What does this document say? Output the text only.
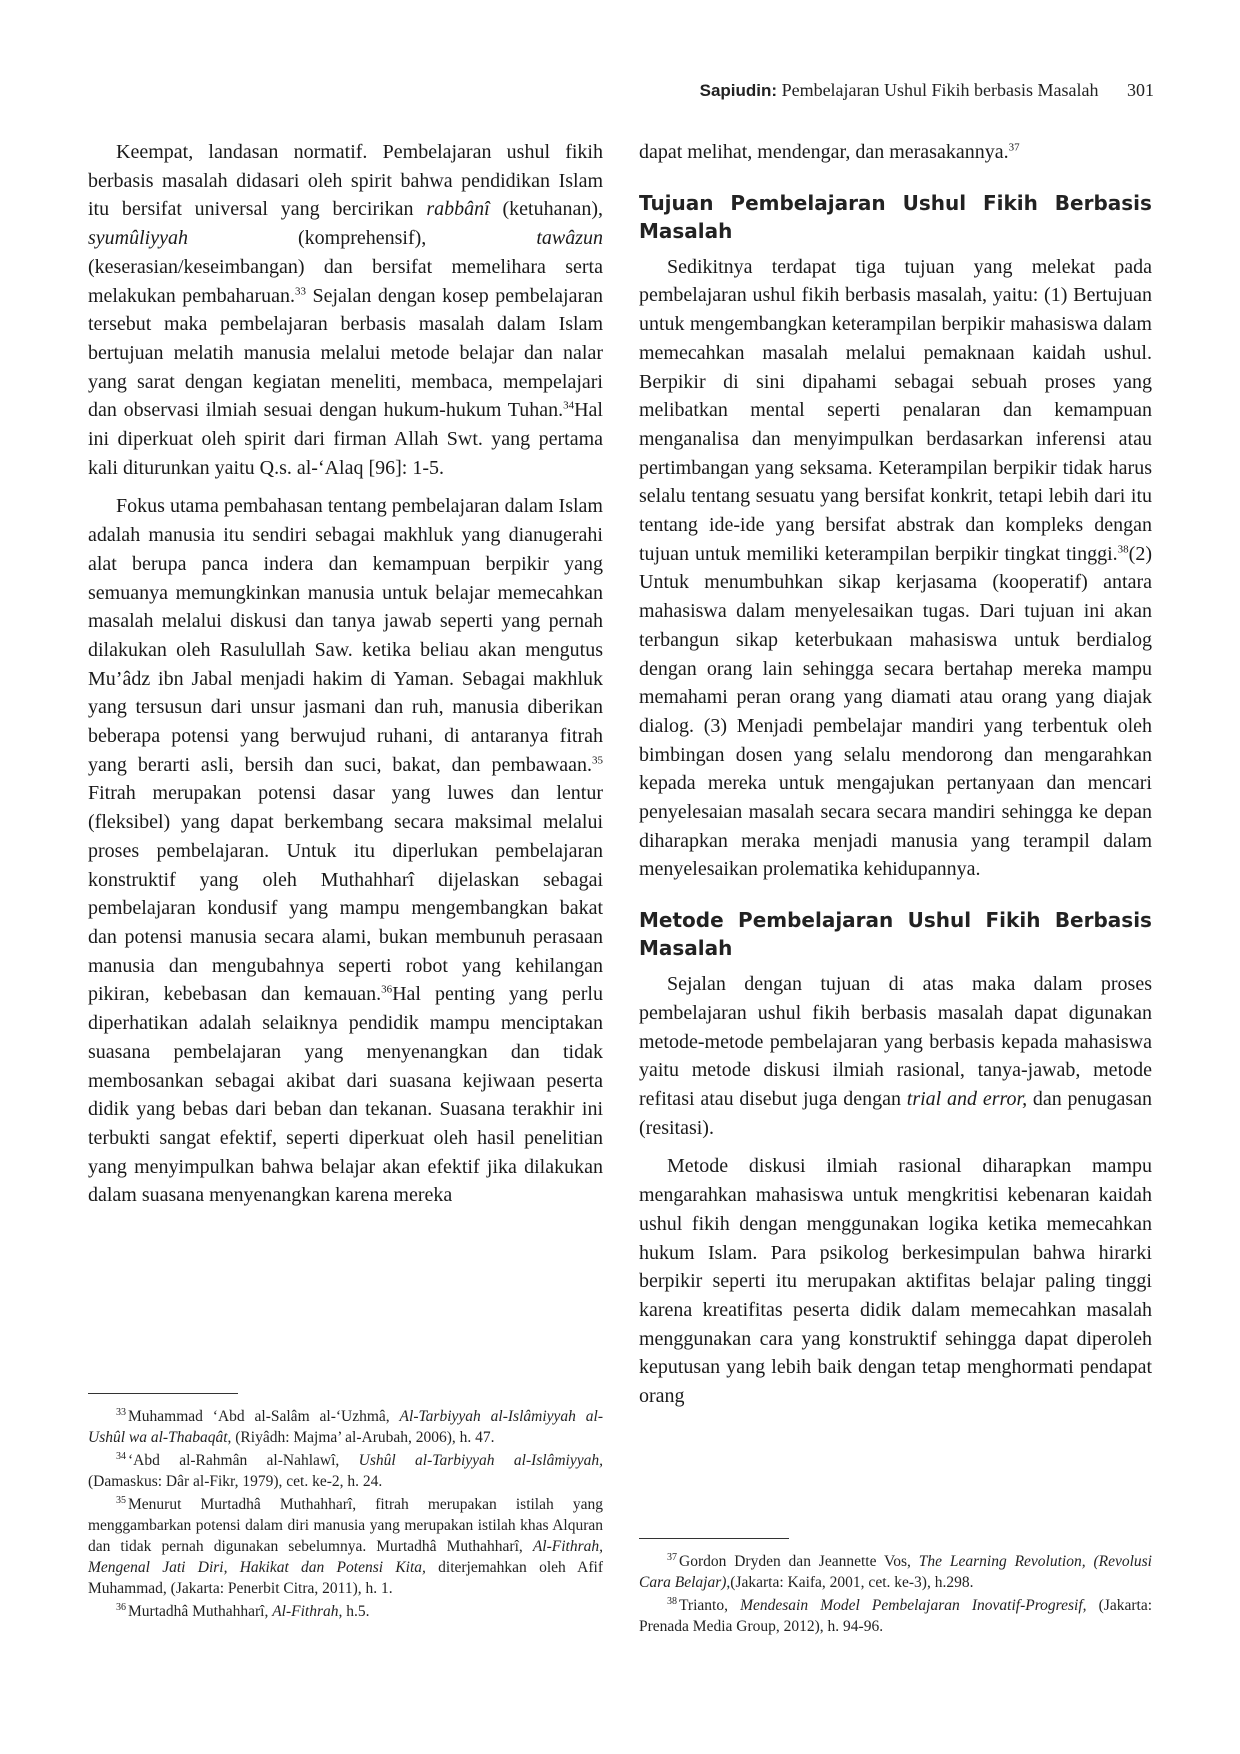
Sapiudin: Pembelajaran Ushul Fikih berbasis Masalah 301

Keempat, landasan normatif. Pembelajaran ushul fikih berbasis masalah didasari oleh spirit bahwa pendidikan Islam itu bersifat universal yang bercirikan rabbânî (ketuhanan), syumûliyyah (komprehensif), tawâzun (keserasian/keseimbangan) dan bersifat memelihara serta melakukan pembaharuan.$^{33}$ Sejalan dengan kosep pembelajaran tersebut maka pembelajaran berbasis masalah dalam Islam bertujuan melatih manusia melalui metode belajar dan nalar yang sarat dengan kegiatan meneliti, membaca, mempelajari dan observasi ilmiah sesuai dengan hukum-hukum Tuhan.$^{34}$Hal ini diperkuat oleh spirit dari firman Allah Swt. yang pertama kali diturunkan yaitu Q.s. al-‘Alaq [96]: 1-5.

Fokus utama pembahasan tentang pembelajaran dalam Islam adalah manusia itu sendiri sebagai makhluk yang dianugerahi alat berupa panca indera dan kemampuan berpikir yang semuanya memungkinkan manusia untuk belajar memecahkan masalah melalui diskusi dan tanya jawab seperti yang pernah dilakukan oleh Rasulullah Saw. ketika beliau akan mengutus Mu’âdz ibn Jabal menjadi hakim di Yaman. Sebagai makhluk yang tersusun dari unsur jasmani dan ruh, manusia diberikan beberapa potensi yang berwujud ruhani, di antaranya fitrah yang berarti asli, bersih dan suci, bakat, dan pembawaan.$^{35}$ Fitrah merupakan potensi dasar yang luwes dan lentur (fleksibel) yang dapat berkembang secara maksimal melalui proses pembelajaran. Untuk itu diperlukan pembelajaran konstruktif yang oleh Muthahharî dijelaskan sebagai pembelajaran kondusif yang mampu mengembangkan bakat dan potensi manusia secara alami, bukan membunuh perasaan manusia dan mengubahnya seperti robot yang kehilangan pikiran, kebebasan dan kemauan.$^{36}$Hal penting yang perlu diperhatikan adalah selaiknya pendidik mampu menciptakan suasana pembelajaran yang menyenangkan dan tidak membosankan sebagai akibat dari suasana kejiwaan peserta didik yang bebas dari beban dan tekanan. Suasana terakhir ini terbukti sangat efektif, seperti diperkuat oleh hasil penelitian yang menyimpulkan bahwa belajar akan efektif jika dilakukan dalam suasana menyenangkan karena mereka

$^{33}$ Muhammad ‘Abd al-Salâm al-‘Uzhmâ, Al-Tarbiyyah al-Islâmiyyah al-Ushûl wa al-Thabaqât, (Riyâdh: Majma’ al-Arubah, 2006), h. 47.

$^{34}$ ‘Abd al-Rahmân al-Nahlawî, Ushûl al-Tarbiyyah al-Islâmiyyah, (Damaskus: Dâr al-Fikr, 1979), cet. ke-2, h. 24.

$^{35}$ Menurut Murtadhâ Muthahharî, fitrah merupakan istilah yang menggambarkan potensi dalam diri manusia yang merupakan istilah khas Alquran dan tidak pernah digunakan sebelumnya. Murtadhâ Muthahharî, Al-Fithrah, Mengenal Jati Diri, Hakikat dan Potensi Kita, diterjemahkan oleh Afif Muhammad, (Jakarta: Penerbit Citra, 2011), h. 1.

$^{36}$ Murtadhâ Muthahharî, Al-Fithrah, h.5.

dapat melihat, mendengar, dan merasakannya.$^{37}$

Tujuan Pembelajaran Ushul Fikih Berbasis
Masalah

Sedikitnya terdapat tiga tujuan yang melekat pada pembelajaran ushul fikih berbasis masalah, yaitu: (1) Bertujuan untuk mengembangkan keterampilan berpikir mahasiswa dalam memecahkan masalah melalui pemaknaan kaidah ushul. Berpikir di sini dipahami sebagai sebuah proses yang melibatkan mental seperti penalaran dan kemampuan menganalisa dan menyimpulkan berdasarkan inferensi atau pertimbangan yang seksama. Keterampilan berpikir tidak harus selalu tentang sesuatu yang bersifat konkrit, tetapi lebih dari itu tentang ide-ide yang bersifat abstrak dan kompleks dengan tujuan untuk memiliki keterampilan berpikir tingkat tinggi.$^{38}$(2) Untuk menumbuhkan sikap kerjasama (kooperatif) antara mahasiswa dalam menyelesaikan tugas. Dari tujuan ini akan terbangun sikap keterbukaan mahasiswa untuk berdialog dengan orang lain sehingga secara bertahap mereka mampu memahami peran orang yang diamati atau orang yang diajak dialog. (3) Menjadi pembelajar mandiri yang terbentuk oleh bimbingan dosen yang selalu mendorong dan mengarahkan kepada mereka untuk mengajukan pertanyaan dan mencari penyelesaian masalah secara secara mandiri sehingga ke depan diharapkan meraka menjadi manusia yang terampil dalam menyelesaikan prolematika kehidupannya.

Metode Pembelajaran Ushul Fikih Berbasis
Masalah

Sejalan dengan tujuan di atas maka dalam proses pembelajaran ushul fikih berbasis masalah dapat digunakan metode-metode pembelajaran yang berbasis kepada mahasiswa yaitu metode diskusi ilmiah rasional, tanya-jawab, metode refitasi atau disebut juga dengan trial and error, dan penugasan (resitasi).

Metode diskusi ilmiah rasional diharapkan mampu mengarahkan mahasiswa untuk mengkritisi kebenaran kaidah ushul fikih dengan menggunakan logika ketika memecahkan hukum Islam. Para psikolog berkesimpulan bahwa hirarki berpikir seperti itu merupakan aktifitas belajar paling tinggi karena kreatifitas peserta didik dalam memecahkan masalah menggunakan cara yang konstruktif sehingga dapat diperoleh keputusan yang lebih baik dengan tetap menghormati pendapat orang

$^{37}$ Gordon Dryden dan Jeannette Vos, The Learning Revolution, (Revolusi Cara Belajar),(Jakarta: Kaifa, 2001, cet. ke-3), h.298.

$^{38}$ Trianto, Mendesain Model Pembelajaran Inovatif-Progresif, (Jakarta: Prenada Media Group, 2012), h. 94-96.
